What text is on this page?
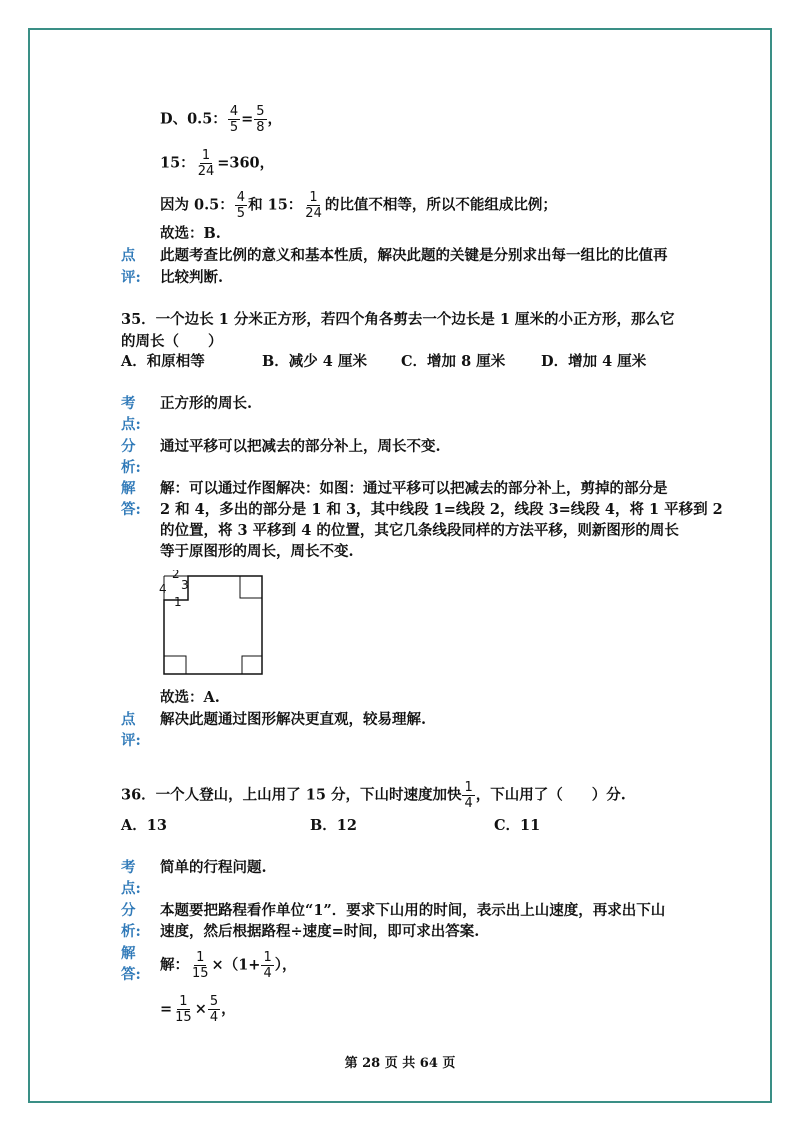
D、0.5： $\frac{4}{5} = \frac{5}{8}$ ，
15： $\frac{1}{24} =360$，
因为 0.5： $\frac{4}{5}$ 和 15： $\frac{1}{24}$ 的比值不相等，所以不能组成比例；
故选：B.
点
评:
此题考查比例的意义和基本性质，解决此题的关键是分别求出每一组比的比值再
比较判断.
35．一个边长 1 分米正方形，若四个角各剪去一个边长是 1 厘米的小正方形，那么它
的周长（　　）
A．和原相等	B．减少 4 厘米 C．增加 8 厘米 D．增加 4 厘米
考
点:
正方形的周长.
分
析:
通过平移可以把减去的部分补上，周长不变.
解
答:
解：可以通过作图解决：如图：通过平移可以把减去的部分补上，剪掉的部分是
2 和 4，多出的部分是 1 和 3，其中线段 1=线段 2，线段 3=线段 4，将 1 平移到 2
的位置，将 3 平移到 4 的位置，其它几条线段同样的方法平移，则新图形的周长
等于原图形的周长，周长不变.
2
3
4
1
故选：A.
点
评:
解决此题通过图形解决更直观，较易理解.
36．一个人登山，上山用了 15 分，下山时速度加快 $\frac{1}{4}$ ，下山用了（　　）分.
A．13	B．12	C．11
考
点:
简单的行程问题.
分
析:
本题要把路程看作单位“1”．要求下山用的时间，表示出上山速度，再求出下山
速度，然后根据路程÷速度=时间，即可求出答案.
解
答:
解： $\frac{1}{15} \times(1+ \frac{1}{4}$ ），
= $\frac{1}{15} \times \frac{5}{4}$ ，
第 28 页 共 64 页
